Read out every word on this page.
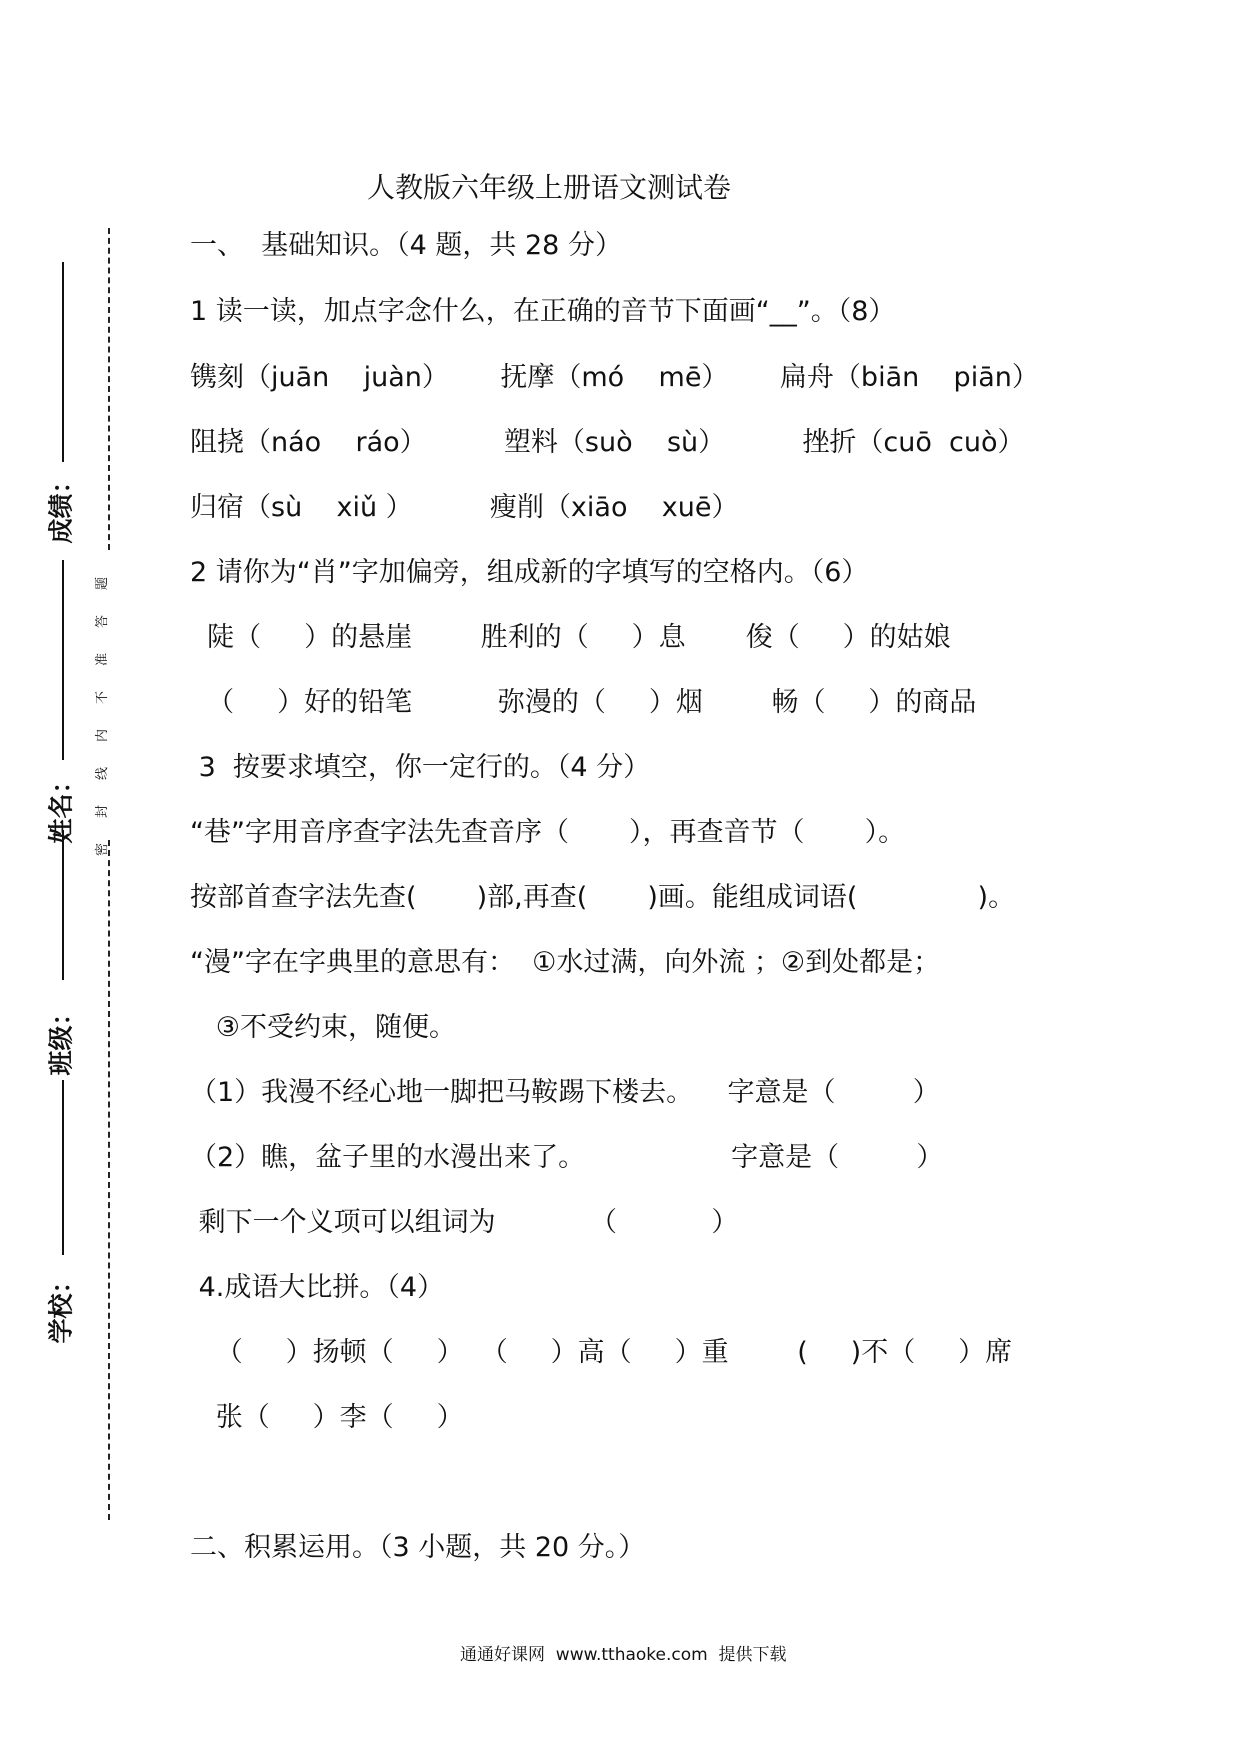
成绩：
姓名：
班级：
学校：
密
封
线
内
不
准
答
题
人教版六年级上册语文测试卷
一、  基础知识。（4 题，共 28 分）
1 读一读，加点字念什么，在正确的音节下面画“__”。（8）
镌刻（juān    juàn）      抚摩（mó    mē）      扁舟（biān    piān）
阻挠（náo    ráo）         塑料（suò    sù）         挫折（cuō  cuò）
归宿（sù    xiǔ ）         瘦削（xiāo    xuē）
2 请你为“肖”字加偏旁，组成新的字填写的空格内。（6）
陡（     ）的悬崖        胜利的（     ）息       俊（     ）的姑娘
（     ）好的铅笔          弥漫的（     ）烟        畅（     ）的商品
3  按要求填空，你一定行的。（4 分）
“巷”字用音序查字法先查音序（       ），再查音节（       ）。
按部首查字法先查(       )部,再查(       )画。能组成词语(              )。
“漫”字在字典里的意思有：  ①水过满，向外流 ；②到处都是；
③不受约束，随便。
（1）我漫不经心地一脚把马鞍踢下楼去。    字意是（         ）
（2）瞧，盆子里的水漫出来了。                 字意是（         ）
剩下一个义项可以组词为           （           ）
4.成语大比拼。（4）
（     ）扬顿（     ）  （     ）高（     ）重        (     )不（     ）席
张（     ）李（     ）
二、积累运用。（3 小题，共 20 分。）
通通好课网  www.tthaoke.com  提供下载
